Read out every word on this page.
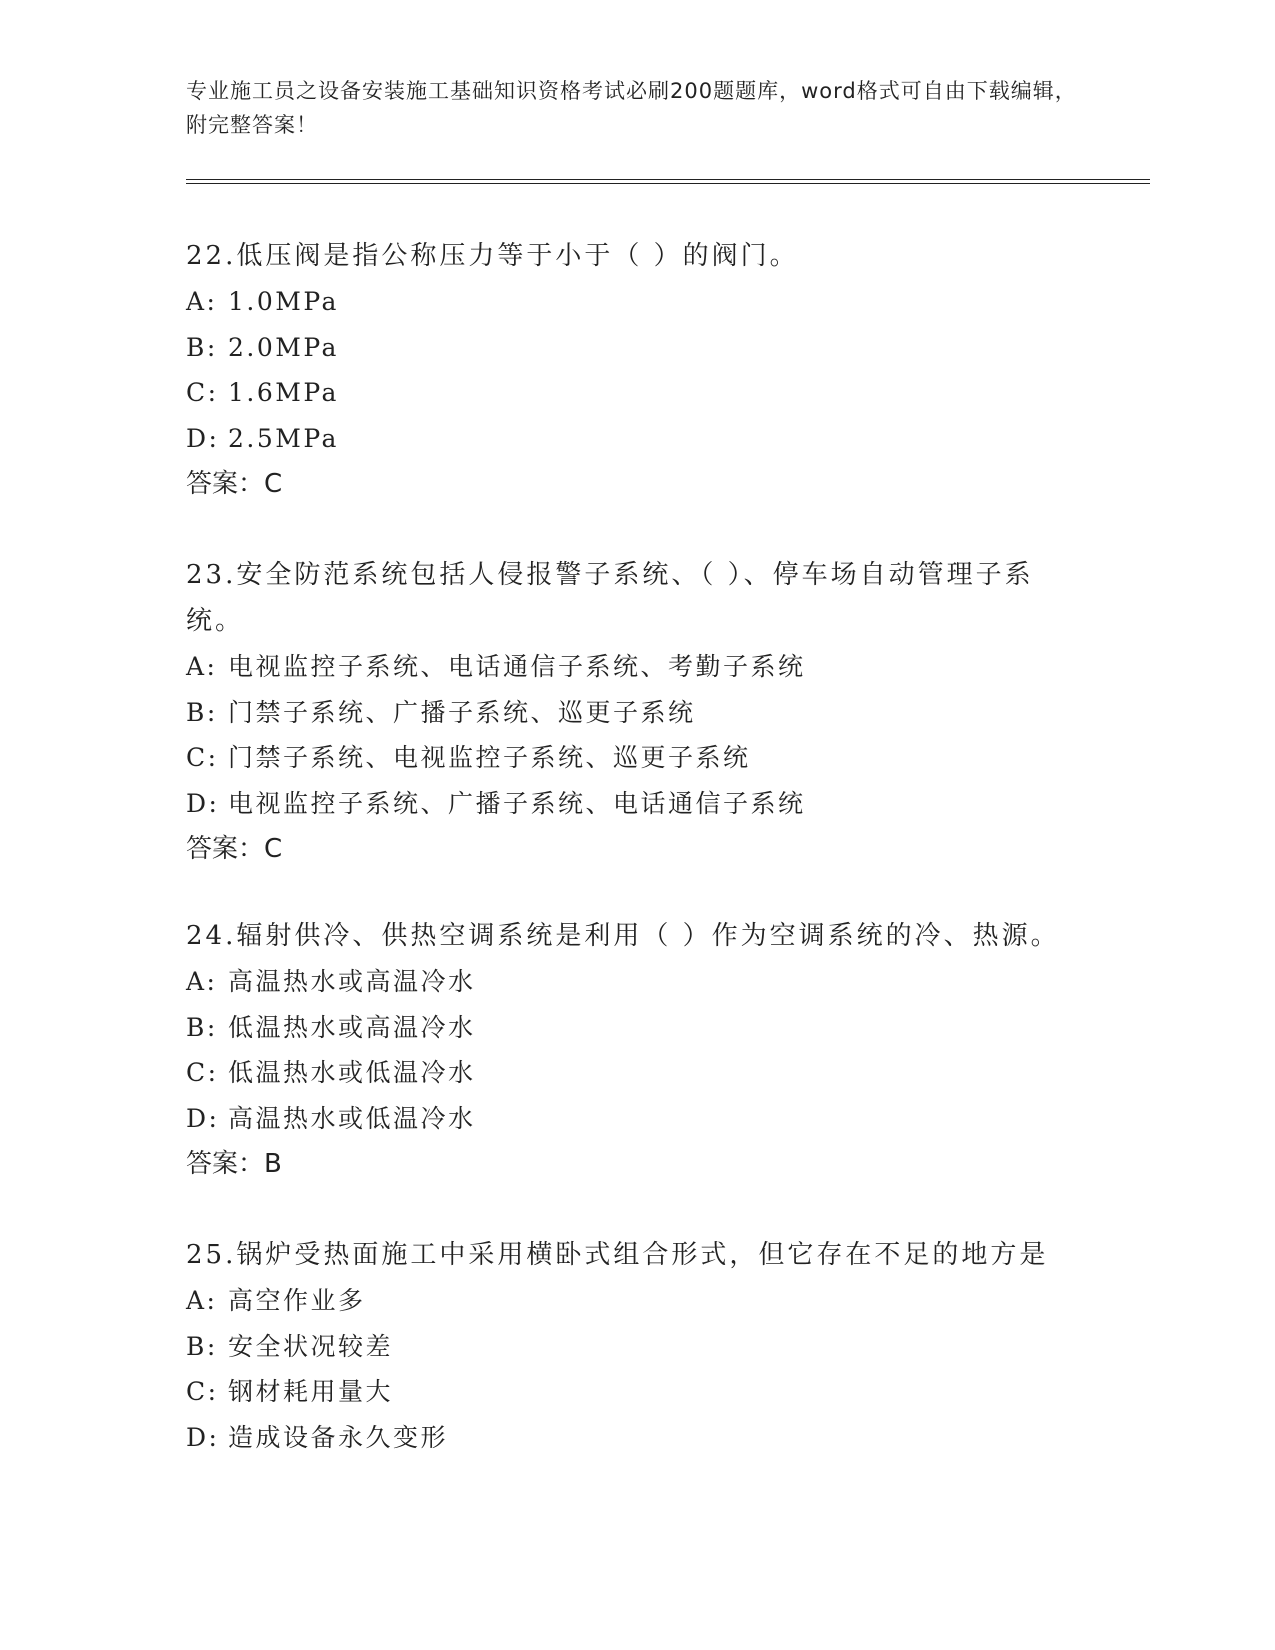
专业施工员之设备安装施工基础知识资格考试必刷200题题库，word格式可自由下载编辑，附完整答案！

22.低压阀是指公称压力等于小于（ ）的阀门。

A: 1.0MPa
B: 2.0MPa
C: 1.6MPa
D: 2.5MPa
答案：C

23.安全防范系统包括人侵报警子系统、（ ）、停车场自动管理子系统。

A: 电视监控子系统、电话通信子系统、考勤子系统
B: 门禁子系统、广播子系统、巡更子系统
C: 门禁子系统、电视监控子系统、巡更子系统
D: 电视监控子系统、广播子系统、电话通信子系统
答案：C

24.辐射供冷、供热空调系统是利用（ ）作为空调系统的冷、热源。

A: 高温热水或高温冷水
B: 低温热水或高温冷水
C: 低温热水或低温冷水
D: 高温热水或低温冷水
答案：B

25.锅炉受热面施工中采用横卧式组合形式，但它存在不足的地方是

A: 高空作业多
B: 安全状况较差
C: 钢材耗用量大
D: 造成设备永久变形
